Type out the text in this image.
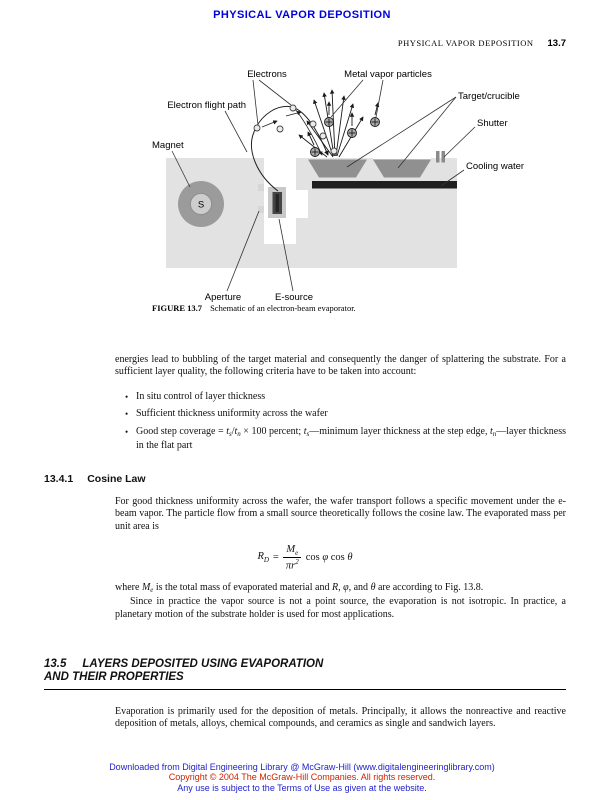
PHYSICAL VAPOR DEPOSITION
PHYSICAL VAPOR DEPOSITION 13.7
S
Electrons	Metal vapor particles
Electron flight path
Magnet
Target/crucible
Shutter
Cooling water
Aperture	E-source
FIGURE 13.7 Schematic of an electron-beam evaporator.

energies lead to bubbling of the target material and consequently the danger of splattering the substrate. For a sufficient layer quality, the following criteria have to be taken into account:

• In situ control of layer thickness
• Sufficient thickness uniformity across the wafer
• Good step coverage = $t_s/t_n \times 100$ percent; $t_s—minimum$ layer thickness at the step edge, $t_n—layer$ thickness in the flat part
13.4.1 Cosine Law

For good thickness uniformity across the wafer, the wafer transport follows a specific movement under the e-beam vapor. The particle flow from a small source theoretically follows the cosine law. The evaporated mass per unit area is

$R_D = \frac{M_e}{\pi r^2}$ cos φ cos θ

where $M_e$ is the total mass of evaporated material and R, φ, and θ are according to Fig. 13.8.

Since in practice the vapor source is not a point source, the evaporation is not isotropic. In practice, a planetary motion of the substrate holder is used for most applications.

13.5 LAYERS DEPOSITED USING EVAPORATION
AND THEIR PROPERTIES

Evaporation is primarily used for the deposition of metals. Principally, it allows the nonreactive and reactive deposition of metals, alloys, chemical compounds, and ceramics as single and sandwich layers.

Downloaded from Digital Engineering Library @ McGraw-Hill (www.digitalengineeringlibrary.com)
Copyright © 2004 The McGraw-Hill Companies. All rights reserved.
Any use is subject to the Terms of Use as given at the website.
